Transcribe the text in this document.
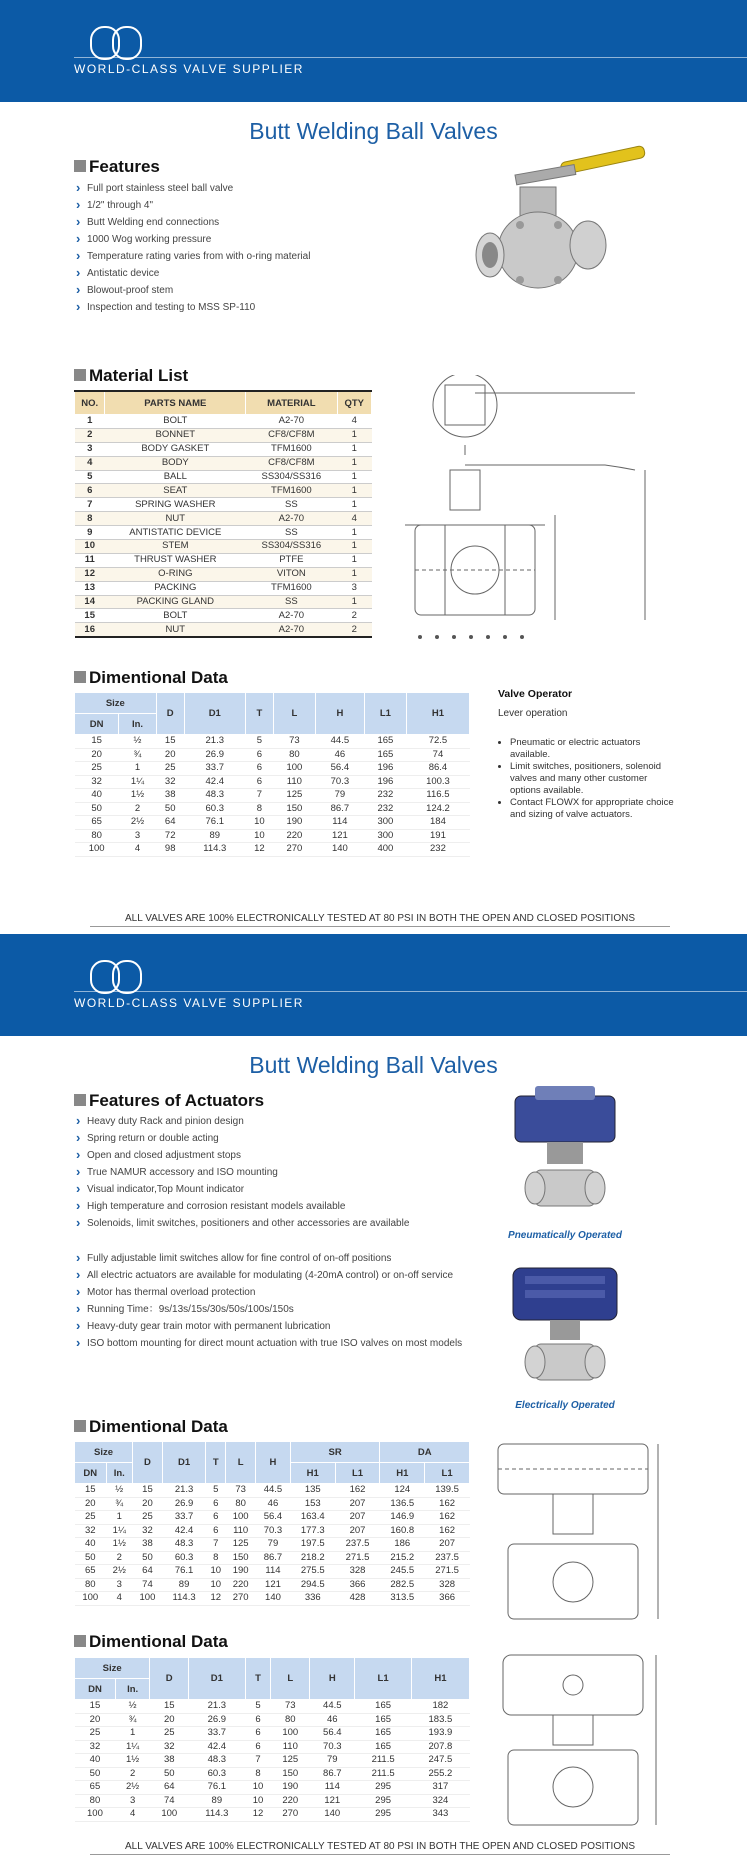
WORLD-CLASS VALVE SUPPLIER
Butt Welding Ball Valves
Features
› Full port stainless steel ball valve
› 1/2" through 4"
› Butt Welding end connections
› 1000 Wog working pressure
› Temperature rating varies from with o-ring material
› Antistatic device
› Blowout-proof stem
› Inspection and testing to MSS SP-110
Material List
NO.	PARTS NAME	MATERIAL	QTY
1	BOLT	A2-70	4
2	BONNET	CF8/CF8M	1
3	BODY GASKET	TFM1600	1
4	BODY	CF8/CF8M	1
5	BALL	SS304/SS316	1
6	SEAT	TFM1600	1
7	SPRING WASHER	SS	1
8	NUT	A2-70	4
9	ANTISTATIC DEVICE	SS	1
10	STEM	SS304/SS316	1
11	THRUST WASHER	PTFE	1
12	O-RING	VITON	1
13	PACKING	TFM1600	3
14	PACKING GLAND	SS	1
15	BOLT	A2-70	2
16	NUT	A2-70	2
Dimentional Data
Size		D	D1	T	L	H	L1	H1
DN	In.							
15	½	15	21.3	5	73	44.5	165	72.5
20	¾	20	26.9	6	80	46	165	74
25	1	25	33.7	6	100	56.4	196	86.4
32	1¼	32	42.4	6	110	70.3	196	100.3
40	1½	38	48.3	7	125	79	232	116.5
50	2	50	60.3	8	150	86.7	232	124.2
65	2½	64	76.1	10	190	114	300	184
80	3	72	89	10	220	121	300	191
100	4	98	114.3	12	270	140	400	232
Valve Operator
Lever operation
• Pneumatic or electric actuators available.
• Limit switches, positioners, solenoid valves and many other customer options available.
• Contact FLOWX for appropriate choice and sizing of valve actuators.
ALL VALVES ARE 100% ELECTRONICALLY TESTED AT 80 PSI IN BOTH THE OPEN AND CLOSED POSITIONS
WORLD-CLASS VALVE SUPPLIER
Butt Welding Ball Valves
Features of Actuators
› Heavy duty Rack and pinion design
› Spring return or double acting
› Open and closed adjustment stops
› True NAMUR accessory and ISO mounting
› Visual indicator,Top Mount indicator
› High temperature and corrosion resistant models available
› Solenoids, limit switches, positioners and other accessories are available
› Fully adjustable limit switches allow for fine control of on-off positions
› All electric actuators are available for modulating (4-20mA control) or on-off service
› Motor has thermal overload protection
› Running Time：9s/13s/15s/30s/50s/100s/150s
› Heavy-duty gear train motor with permanent lubrication
› ISO bottom mounting for direct mount actuation with true ISO valves on most models
Pneumatically Operated
Electrically Operated
Dimentional Data
Size		D	D1	T	L	H	SR		DA	
DN	In.						H1	L1	H1	L1
15	½	15	21.3	5	73	44.5	135	162	124	139.5
20	¾	20	26.9	6	80	46	153	207	136.5	162
25	1	25	33.7	6	100	56.4	163.4	207	146.9	162
32	1¼	32	42.4	6	110	70.3	177.3	207	160.8	162
40	1½	38	48.3	7	125	79	197.5	237.5	186	207
50	2	50	60.3	8	150	86.7	218.2	271.5	215.2	237.5
65	2½	64	76.1	10	190	114	275.5	328	245.5	271.5
80	3	74	89	10	220	121	294.5	366	282.5	328
100	4	100	114.3	12	270	140	336	428	313.5	366
Dimentional Data
Size		D	D1	T	L	H	L1	H1
DN	In.							
15	½	15	21.3	5	73	44.5	165	182
20	¾	20	26.9	6	80	46	165	183.5
25	1	25	33.7	6	100	56.4	165	193.9
32	1¼	32	42.4	6	110	70.3	165	207.8
40	1½	38	48.3	7	125	79	211.5	247.5
50	2	50	60.3	8	150	86.7	211.5	255.2
65	2½	64	76.1	10	190	114	295	317
80	3	74	89	10	220	121	295	324
100	4	100	114.3	12	270	140	295	343
ALL VALVES ARE 100% ELECTRONICALLY TESTED AT 80 PSI IN BOTH THE OPEN AND CLOSED POSITIONS
